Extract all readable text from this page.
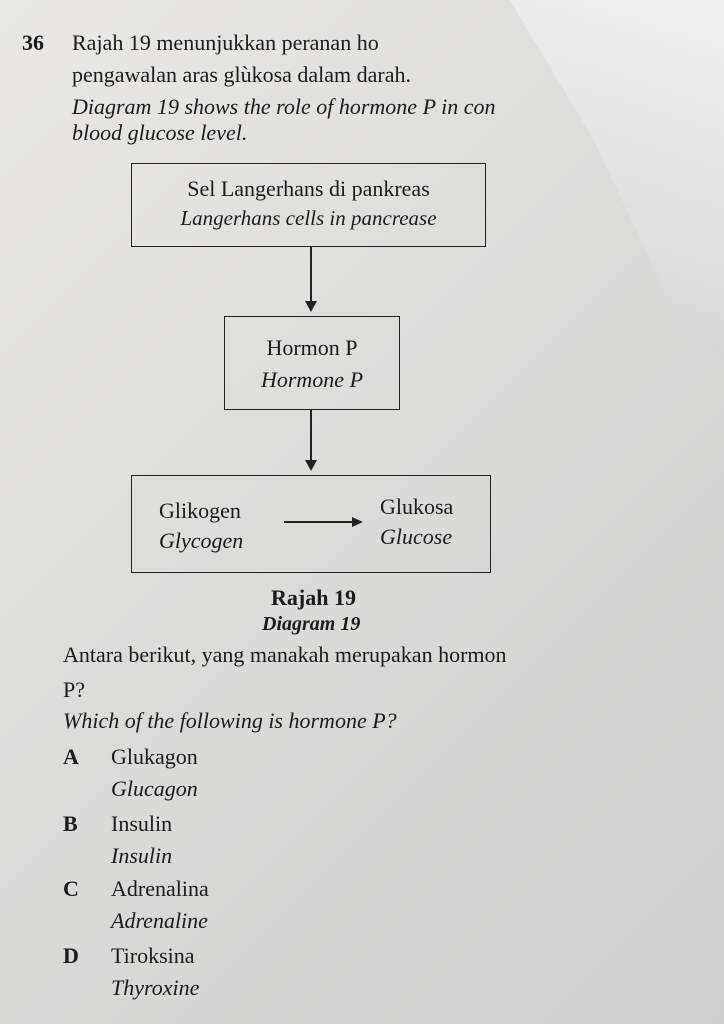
36 Rajah 19 menunjukkan peranan ho
pengawalan aras glùkosa dalam darah.
Diagram 19 shows the role of hormone P in con
blood glucose level.
Sel Langerhans di pankreas
Langerhans cells in pancrease
Hormon P
Hormone P
Glikogen
Glycogen
Glukosa
Glucose
Rajah 19
Diagram 19
Antara berikut, yang manakah merupakan hormon
P?
Which of the following is hormone P?
A Glukagon
Glucagon
B Insulin
Insulin
C Adrenalina
Adrenaline
D Tiroksina
Thyroxine
